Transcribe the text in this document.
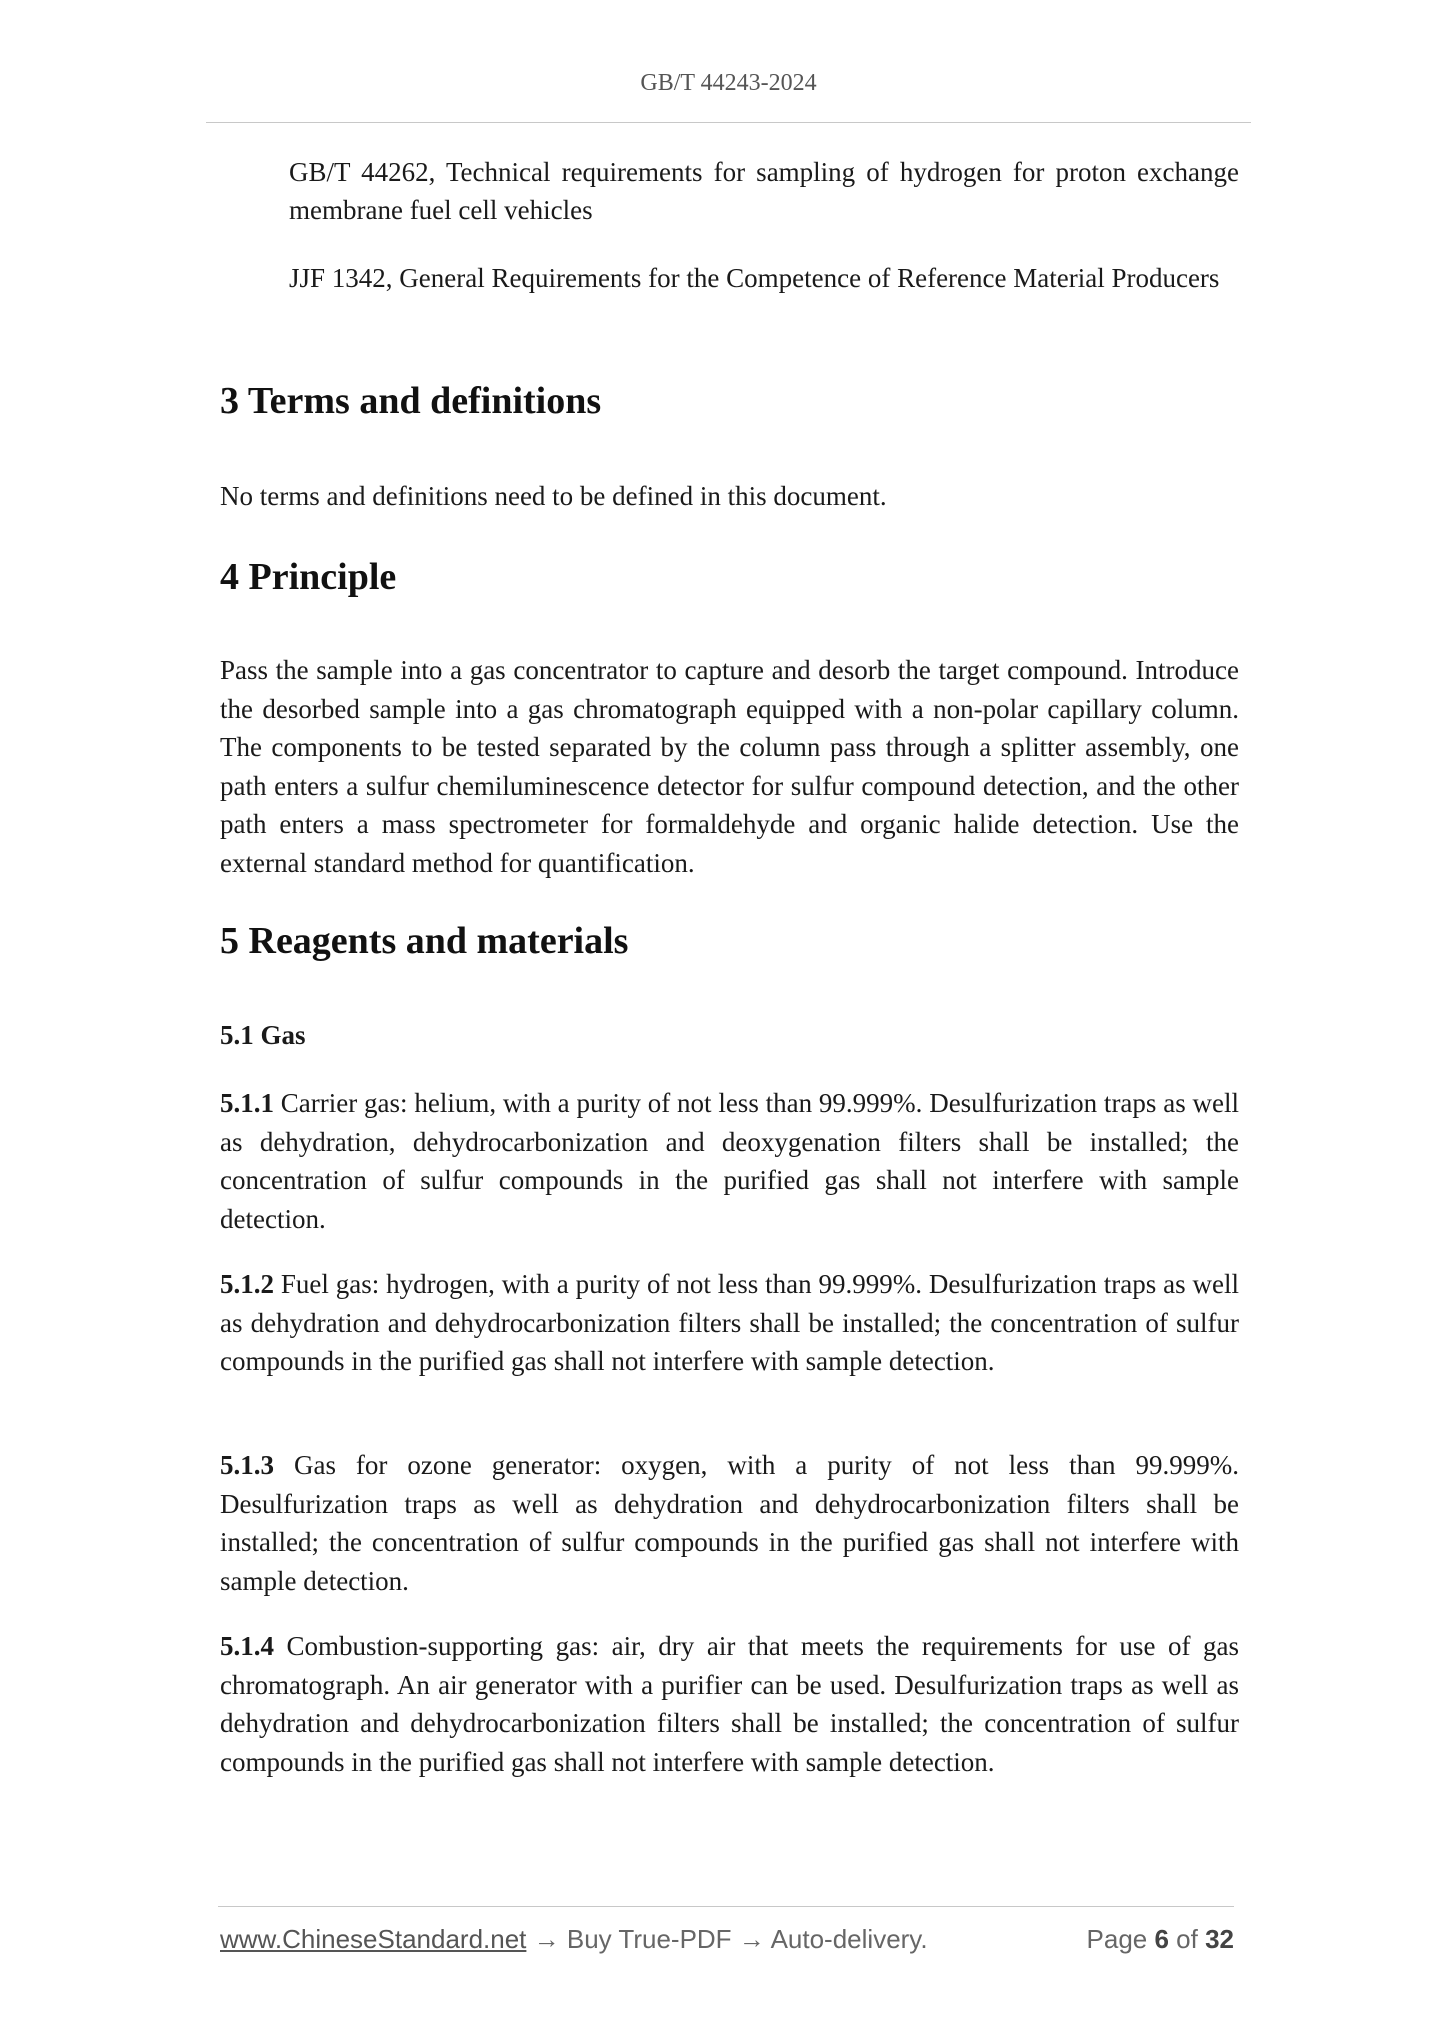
GB/T 44243-2024
GB/T 44262, Technical requirements for sampling of hydrogen for proton exchange membrane fuel cell vehicles
JJF 1342, General Requirements for the Competence of Reference Material Producers
3 Terms and definitions
No terms and definitions need to be defined in this document.
4 Principle
Pass the sample into a gas concentrator to capture and desorb the target compound. Introduce the desorbed sample into a gas chromatograph equipped with a non-polar capillary column. The components to be tested separated by the column pass through a splitter assembly, one path enters a sulfur chemiluminescence detector for sulfur compound detection, and the other path enters a mass spectrometer for formaldehyde and organic halide detection. Use the external standard method for quantification.
5 Reagents and materials
5.1 Gas
5.1.1 Carrier gas: helium, with a purity of not less than 99.999%. Desulfurization traps as well as dehydration, dehydrocarbonization and deoxygenation filters shall be installed; the concentration of sulfur compounds in the purified gas shall not interfere with sample detection.
5.1.2 Fuel gas: hydrogen, with a purity of not less than 99.999%. Desulfurization traps as well as dehydration and dehydrocarbonization filters shall be installed; the concentration of sulfur compounds in the purified gas shall not interfere with sample detection.
5.1.3 Gas for ozone generator: oxygen, with a purity of not less than 99.999%. Desulfurization traps as well as dehydration and dehydrocarbonization filters shall be installed; the concentration of sulfur compounds in the purified gas shall not interfere with sample detection.
5.1.4 Combustion-supporting gas: air, dry air that meets the requirements for use of gas chromatograph. An air generator with a purifier can be used. Desulfurization traps as well as dehydration and dehydrocarbonization filters shall be installed; the concentration of sulfur compounds in the purified gas shall not interfere with sample detection.
www.ChineseStandard.net → Buy True-PDF → Auto-delivery.	Page 6 of 32
